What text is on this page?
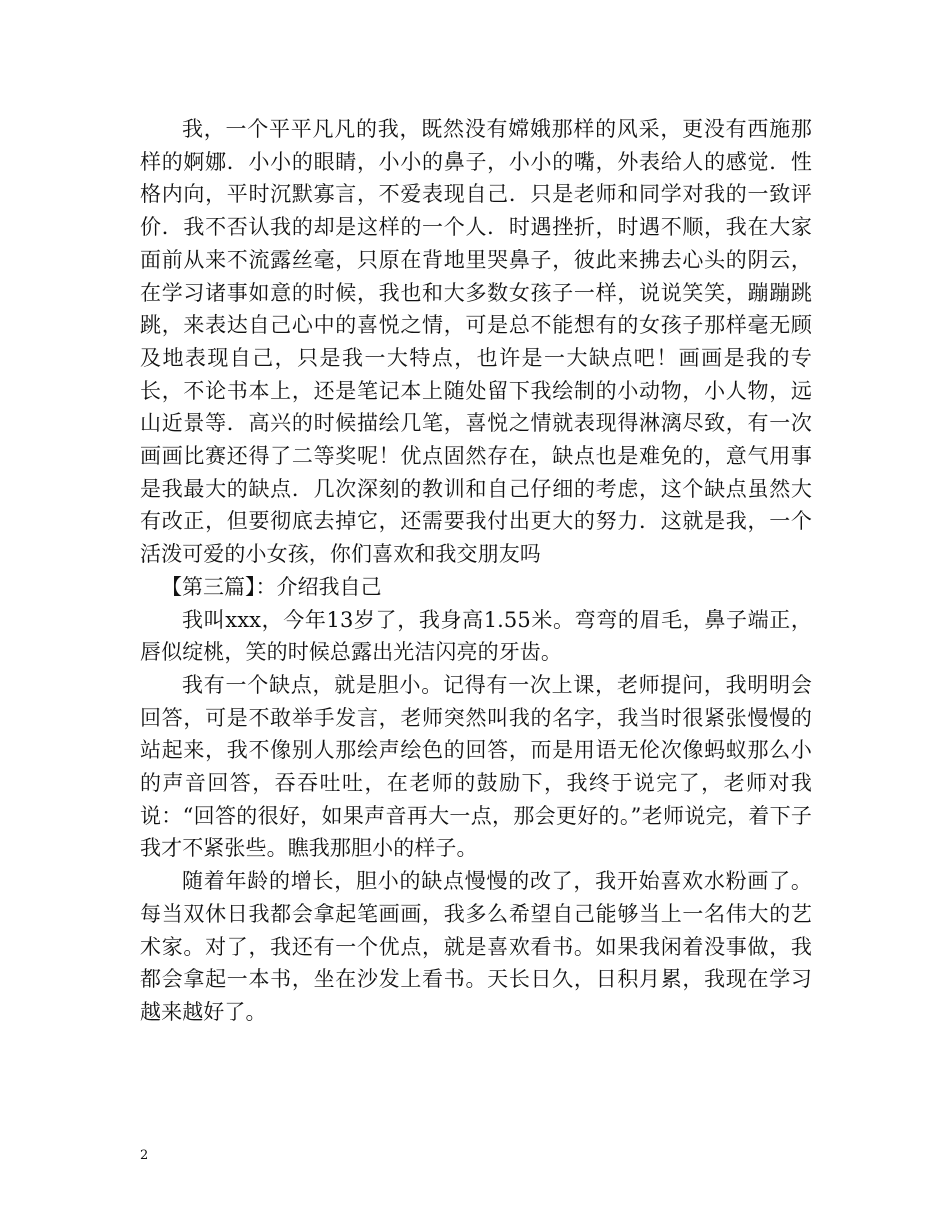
我，一个平平凡凡的我，既然没有嫦娥那样的风采，更没有西施那样的婀娜．小小的眼睛，小小的鼻子，小小的嘴，外表给人的感觉．性格内向，平时沉默寡言，不爱表现自己．只是老师和同学对我的一致评价．我不否认我的却是这样的一个人．时遇挫折，时遇不顺，我在大家面前从来不流露丝毫，只原在背地里哭鼻子，彼此来拂去心头的阴云，在学习诸事如意的时候，我也和大多数女孩子一样，说说笑笑，蹦蹦跳跳，来表达自己心中的喜悦之情，可是总不能想有的女孩子那样毫无顾及地表现自己，只是我一大特点，也许是一大缺点吧！画画是我的专长，不论书本上，还是笔记本上随处留下我绘制的小动物，小人物，远山近景等．高兴的时候描绘几笔，喜悦之情就表现得淋漓尽致，有一次画画比赛还得了二等奖呢！优点固然存在，缺点也是难免的，意气用事是我最大的缺点．几次深刻的教训和自己仔细的考虑，这个缺点虽然大有改正，但要彻底去掉它，还需要我付出更大的努力．这就是我，一个活泼可爱的小女孩，你们喜欢和我交朋友吗

【第三篇】：介绍我自己

我叫xxx，今年13岁了，我身高1.55米。弯弯的眉毛，鼻子端正，唇似绽桃，笑的时候总露出光洁闪亮的牙齿。

我有一个缺点，就是胆小。记得有一次上课，老师提问，我明明会回答，可是不敢举手发言，老师突然叫我的名字，我当时很紧张慢慢的站起来，我不像别人那绘声绘色的回答，而是用语无伦次像蚂蚁那么小的声音回答，吞吞吐吐，在老师的鼓励下，我终于说完了，老师对我说：“回答的很好，如果声音再大一点，那会更好的。”老师说完，着下子我才不紧张些。瞧我那胆小的样子。

随着年龄的增长，胆小的缺点慢慢的改了，我开始喜欢水粉画了。每当双休日我都会拿起笔画画，我多么希望自己能够当上一名伟大的艺术家。对了，我还有一个优点，就是喜欢看书。如果我闲着没事做，我都会拿起一本书，坐在沙发上看书。天长日久，日积月累，我现在学习越来越好了。

2
